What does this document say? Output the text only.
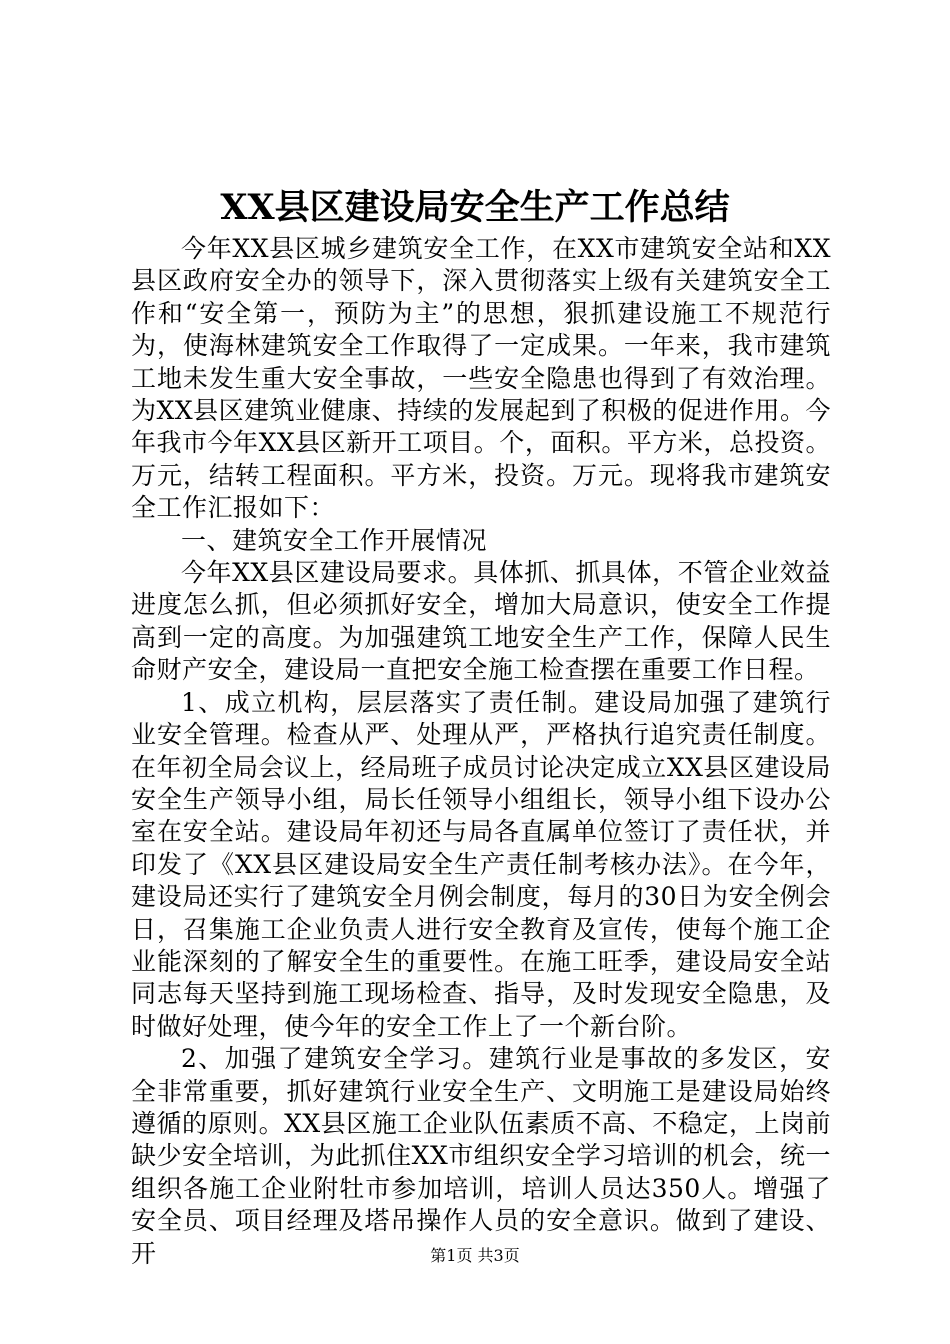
XX县区建设局安全生产工作总结

今年XX县区城乡建筑安全工作，在XX市建筑安全站和XX县区政府安全办的领导下，深入贯彻落实上级有关建筑安全工作和“安全第一，预防为主”的思想，狠抓建设施工不规范行为，使海林建筑安全工作取得了一定成果。一年来，我市建筑工地未发生重大安全事故，一些安全隐患也得到了有效治理。为XX县区建筑业健康、持续的发展起到了积极的促进作用。今年我市今年XX县区新开工项目。个，面积。平方米，总投资。万元，结转工程面积。平方米，投资。万元。现将我市建筑安全工作汇报如下：

一、建筑安全工作开展情况

今年XX县区建设局要求。具体抓、抓具体，不管企业效益进度怎么抓，但必须抓好安全，增加大局意识，使安全工作提高到一定的高度。为加强建筑工地安全生产工作，保障人民生命财产安全，建设局一直把安全施工检查摆在重要工作日程。

1、成立机构，层层落实了责任制。建设局加强了建筑行业安全管理。检查从严、处理从严，严格执行追究责任制度。在年初全局会议上，经局班子成员讨论决定成立XX县区建设局安全生产领导小组，局长任领导小组组长，领导小组下设办公室在安全站。建设局年初还与局各直属单位签订了责任状，并印发了《XX县区建设局安全生产责任制考核办法》。在今年，建设局还实行了建筑安全月例会制度，每月的30日为安全例会日，召集施工企业负责人进行安全教育及宣传，使每个施工企业能深刻的了解安全生的重要性。在施工旺季，建设局安全站同志每天坚持到施工现场检查、指导，及时发现安全隐患，及时做好处理，使今年的安全工作上了一个新台阶。

2、加强了建筑安全学习。建筑行业是事故的多发区，安全非常重要，抓好建筑行业安全生产、文明施工是建设局始终遵循的原则。XX县区施工企业队伍素质不高、不稳定，上岗前缺少安全培训，为此抓住XX市组织安全学习培训的机会，统一组织各施工企业附牡市参加培训，培训人员达350人。增强了安全员、项目经理及塔吊操作人员的安全意识。做到了建设、开	第1页 共3页
